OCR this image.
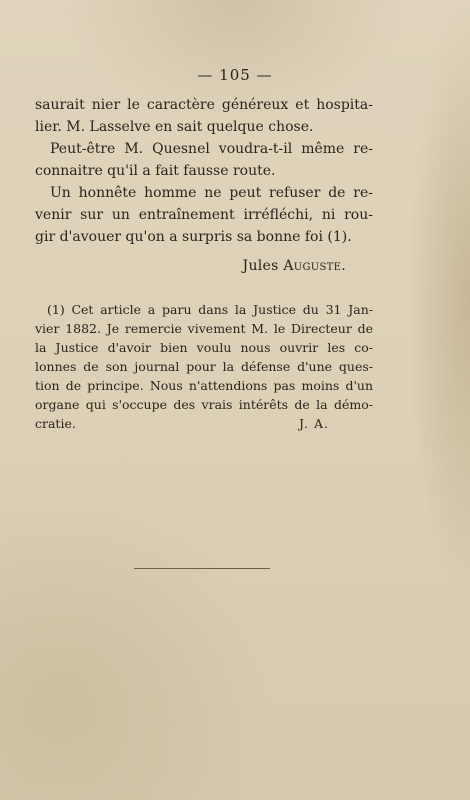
— 105 —

saurait nier le caractère généreux et hospita-
lier. M. Lasselve en sait quelque chose.

Peut-être M. Quesnel voudra-t-il même re-

connaitre qu'il a fait fausse route.

Un honnête homme ne peut refuser de re-

venir sur un entraînement irréfléchi, ni rou-
gir d'avouer qu'on a surpris sa bonne foi (1).

Jules Auguste.
(1) Cet article a paru dans la Justice du 31 Jan-
vier 1882. Je remercie vivement M. le Directeur de
la Justice d'avoir bien voulu nous ouvrir les co-
lonnes de son journal pour la défense d'une ques-
tion de principe. Nous n'attendions pas moins d'un
organe qui s'occupe des vrais intérêts de la démo-
cratie.	J. A.
